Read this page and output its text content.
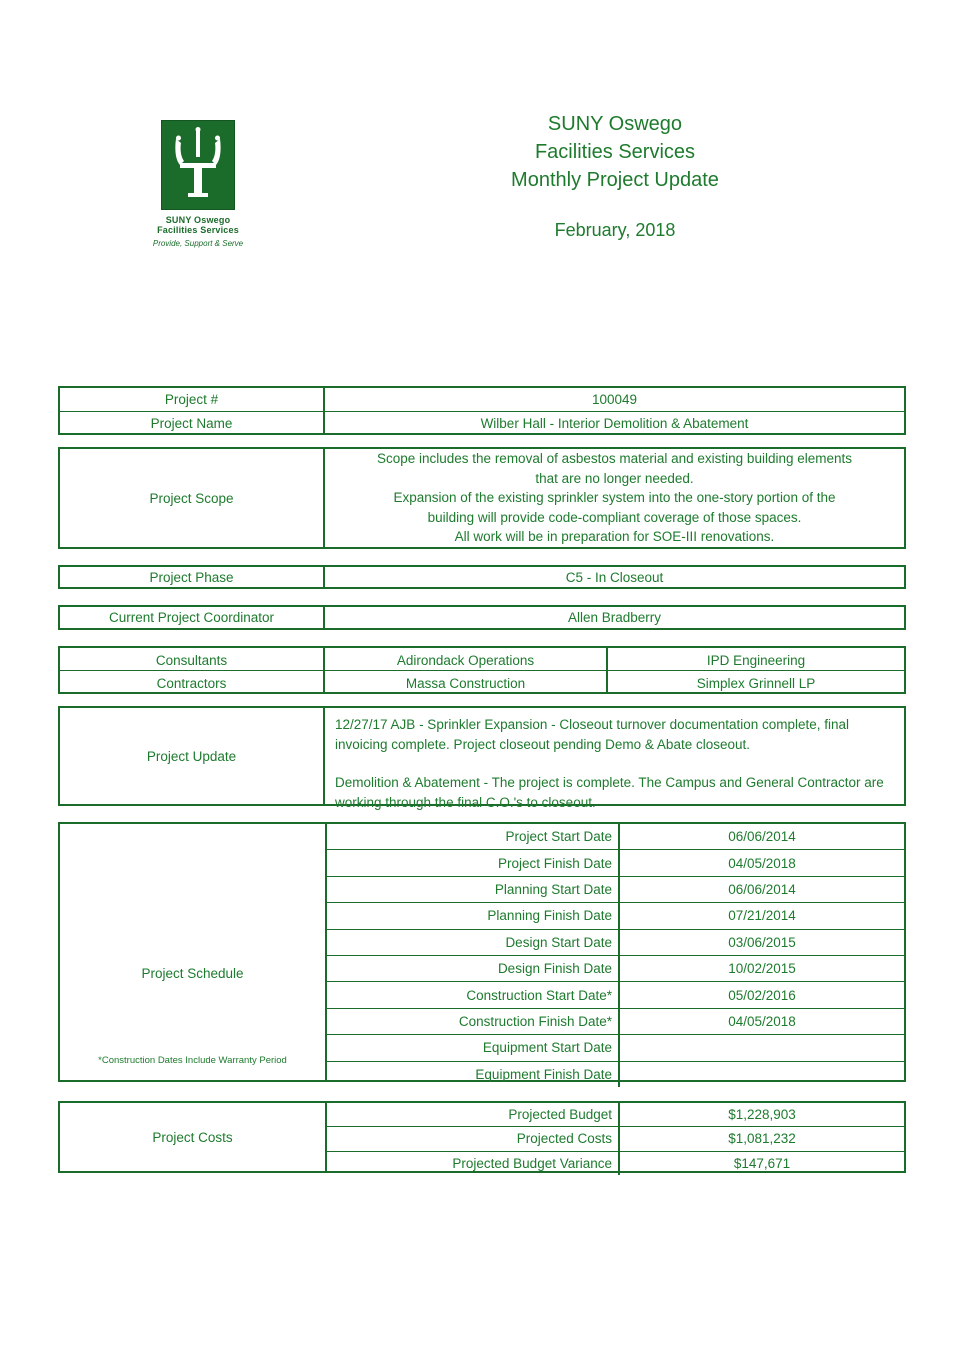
SUNY Oswego
Facilities Services
Provide, Support & Serve
SUNY Oswego
Facilities Services
Monthly Project Update
February, 2018
Project #	100049
Project Name	Wilber Hall - Interior Demolition & Abatement
Project Scope
Scope includes the removal of asbestos material and existing building elements
that are no longer needed.
Expansion of the existing sprinkler system into the one-story portion of the
building will provide code-compliant coverage of those spaces.
All work will be in preparation for SOE-III renovations.
Project Phase	C5 - In Closeout
Current Project Coordinator	Allen Bradberry
Consultants	Adirondack Operations	IPD Engineering
Contractors	Massa Construction	Simplex Grinnell LP
Project Update

12/27/17 AJB - Sprinkler Expansion - Closeout turnover documentation complete, final invoicing complete. Project closeout pending Demo & Abate closeout.

Demolition & Abatement - The project is complete. The Campus and General Contractor are working through the final C.O.'s to closeout.

Project Schedule
*Construction Dates Include Warranty Period
Project Start Date	06/06/2014
Project Finish Date	04/05/2018
Planning Start Date	06/06/2014
Planning Finish Date	07/21/2014
Design Start Date	03/06/2015
Design Finish Date	10/02/2015
Construction Start Date*	05/02/2016
Construction Finish Date*	04/05/2018
Equipment Start Date
Equipment Finish Date
Project Costs
Projected Budget	$1,228,903
Projected Costs	$1,081,232
Projected Budget Variance	$147,671
